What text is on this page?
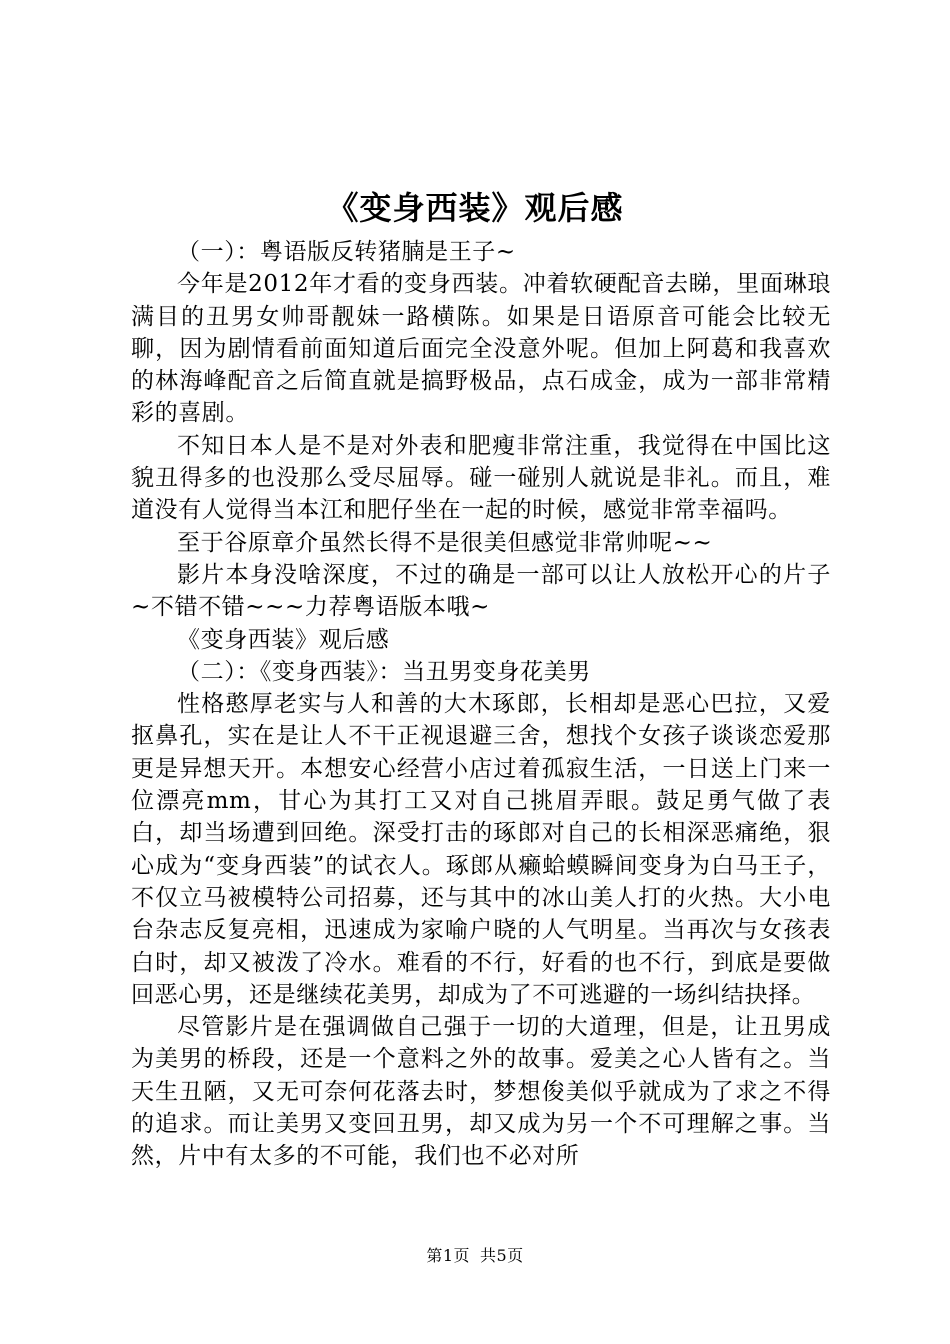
《变身西装》观后感

（一）：粤语版反转猪腩是王子~

今年是2012年才看的变身西装。冲着软硬配音去睇，里面琳琅满目的丑男女帅哥靓妹一路横陈。如果是日语原音可能会比较无聊，因为剧情看前面知道后面完全没意外呢。但加上阿葛和我喜欢的林海峰配音之后简直就是搞野极品，点石成金，成为一部非常精彩的喜剧。

不知日本人是不是对外表和肥瘦非常注重，我觉得在中国比这貌丑得多的也没那么受尽屈辱。碰一碰别人就说是非礼。而且，难道没有人觉得当本江和肥仔坐在一起的时候，感觉非常幸福吗。

至于谷原章介虽然长得不是很美但感觉非常帅呢~~

影片本身没啥深度，不过的确是一部可以让人放松开心的片子~不错不错~~~力荐粤语版本哦~

《变身西装》观后感

（二）：《变身西装》：当丑男变身花美男

性格憨厚老实与人和善的大木琢郎，长相却是恶心巴拉，又爱抠鼻孔，实在是让人不干正视退避三舍，想找个女孩子谈谈恋爱那更是异想天开。本想安心经营小店过着孤寂生活，一日送上门来一位漂亮mm，甘心为其打工又对自己挑眉弄眼。鼓足勇气做了表白，却当场遭到回绝。深受打击的琢郎对自己的长相深恶痛绝，狠心成为“变身西装”的试衣人。琢郎从癞蛤蟆瞬间变身为白马王子，不仅立马被模特公司招募，还与其中的冰山美人打的火热。大小电台杂志反复亮相，迅速成为家喻户晓的人气明星。当再次与女孩表白时，却又被泼了冷水。难看的不行，好看的也不行，到底是要做回恶心男，还是继续花美男，却成为了不可逃避的一场纠结抉择。

尽管影片是在强调做自己强于一切的大道理，但是，让丑男成为美男的桥段，还是一个意料之外的故事。爱美之心人皆有之。当天生丑陋，又无可奈何花落去时，梦想俊美似乎就成为了求之不得的追求。而让美男又变回丑男，却又成为另一个不可理解之事。当然，片中有太多的不可能，我们也不必对所

第1页 共5页
